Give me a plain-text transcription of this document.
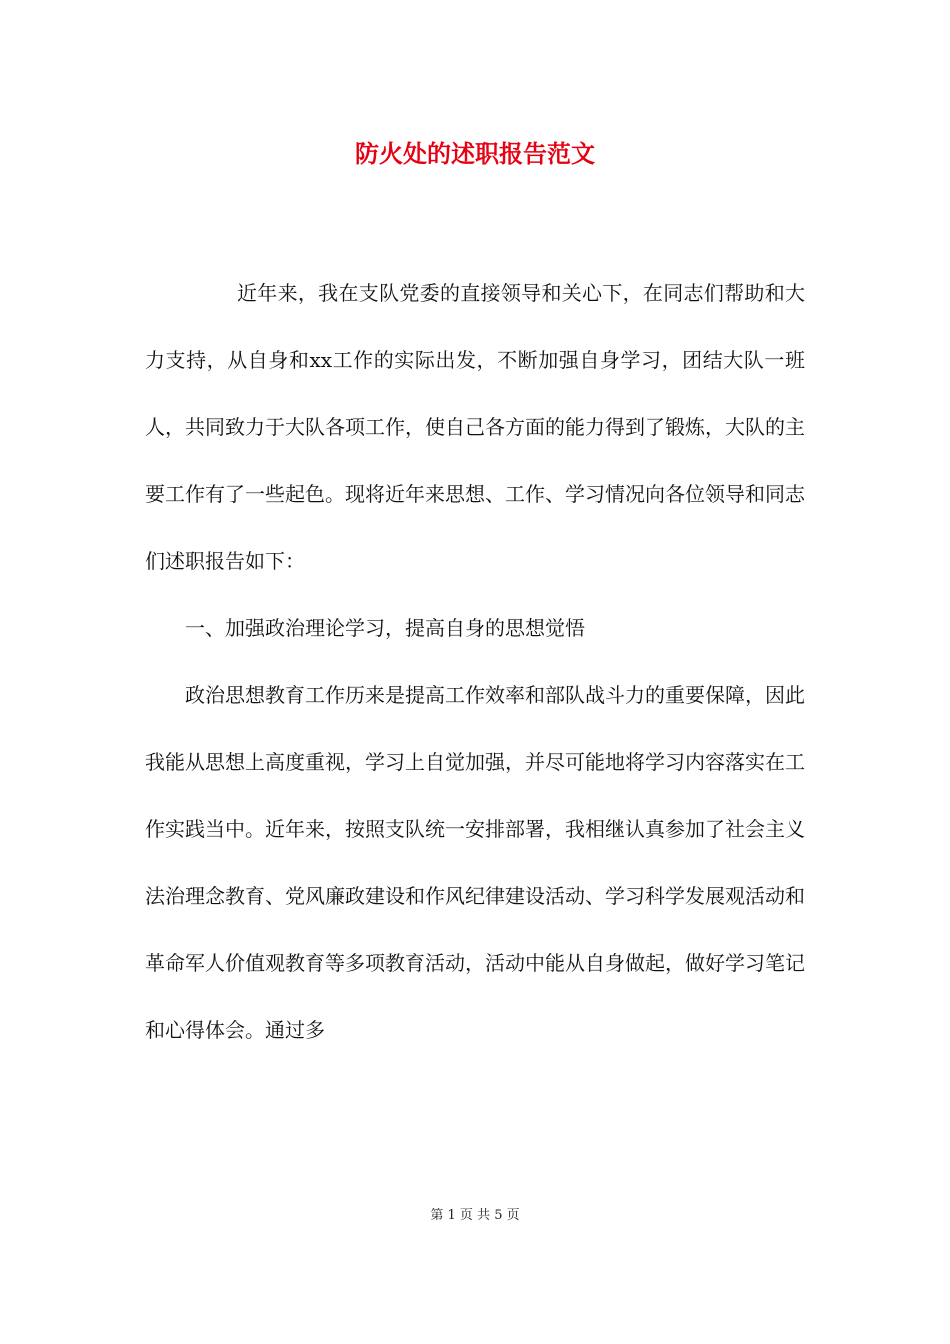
防火处的述职报告范文

近年来，我在支队党委的直接领导和关心下，在同志们帮助和大力支持，从自身和xx工作的实际出发，不断加强自身学习，团结大队一班人，共同致力于大队各项工作，使自己各方面的能力得到了锻炼，大队的主要工作有了一些起色。现将近年来思想、工作、学习情况向各位领导和同志们述职报告如下：

一、加强政治理论学习，提高自身的思想觉悟

政治思想教育工作历来是提高工作效率和部队战斗力的重要保障，因此我能从思想上高度重视，学习上自觉加强，并尽可能地将学习内容落实在工作实践当中。近年来，按照支队统一安排部署，我相继认真参加了社会主义法治理念教育、党风廉政建设和作风纪律建设活动、学习科学发展观活动和革命军人价值观教育等多项教育活动，活动中能从自身做起，做好学习笔记和心得体会。通过多

第 1 页 共 5 页
